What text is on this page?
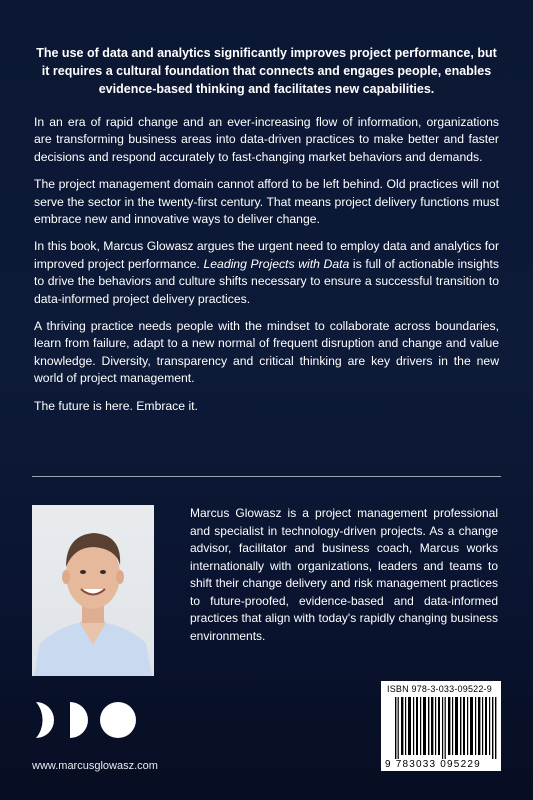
The use of data and analytics significantly improves project performance, but it requires a cultural foundation that connects and engages people, enables evidence-based thinking and facilitates new capabilities.

In an era of rapid change and an ever-increasing flow of information, organizations are transforming business areas into data-driven practices to make better and faster decisions and respond accurately to fast-changing market behaviors and demands.

The project management domain cannot afford to be left behind. Old practices will not serve the sector in the twenty-first century. That means project delivery functions must embrace new and innovative ways to deliver change.

In this book, Marcus Glowasz argues the urgent need to employ data and analytics for improved project performance. Leading Projects with Data is full of actionable insights to drive the behaviors and culture shifts necessary to ensure a successful transition to data-informed project delivery practices.

A thriving practice needs people with the mindset to collaborate across boundaries, learn from failure, adapt to a new normal of frequent disruption and change and value knowledge. Diversity, transparency and critical thinking are key drivers in the new world of project management.

The future is here. Embrace it.

Marcus Glowasz is a project management professional and specialist in technology-driven projects. As a change advisor, facilitator and business coach, Marcus works internationally with organizations, leaders and teams to shift their change delivery and risk management practices to future-proofed, evidence-based and data-informed practices that align with today's rapidly changing business environments.
www.marcusglowasz.com
ISBN 978-3-033-09522-9
9 783033 095229
